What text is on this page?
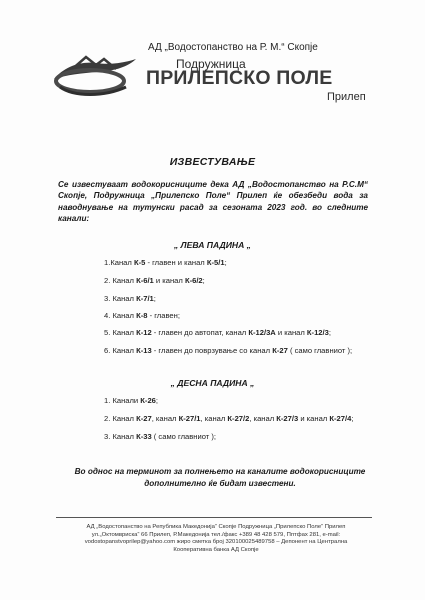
АД „Водостопанство на Р. М.“ Скопје
Подружница
ПРИЛЕПСКО ПОЛЕ
Прилеп
ИЗВЕСТУВАЊЕ
Се известуваат водокорисниците дека АД „Водостопанство на Р.С.М“ Скопје, Подружница „Прилепско Поле“ Прилеп ќе обезбеди вода за наводнување на тутунски расад за сезоната 2023 год. во следните канали:
„ ЛЕВА ПАДИНА „
1.Канал К-5 - главен и канал К-5/1;
2. Канал К-6/1 и канал К-6/2;
3. Канал К-7/1;
4. Канал К-8 - главен;
5. Канал К-12 - главен до автопат, канал К-12/3А и канал К-12/3;
6. Канал К-13 - главен до поврзување со канал К-27 ( само главниот );
„ ДЕСНА ПАДИНА „
1. Канали К-26;
2. Канал К-27, канал К-27/1, канал К-27/2, канал К-27/3 и канал К-27/4;
3. Канал К-33 ( само главниот );
Во однос на терминот за полнењето на каналите водокорисниците дополнително ќе бидат известени.
АД „Водостопанство на Република Македонија“ Скопје Подружница „Прилепско Поле“ Прилеп
ул.„Октомвриска“ 66 Прилеп, Р.Македонија тел./факс +389 48 428 579, Пптфах 281, e-mail:
vodostopanstvoprilep@yahoo.com жиро сметка број 320100025489758 – Депонент на Централна
Кооперативна банка АД Скопје
